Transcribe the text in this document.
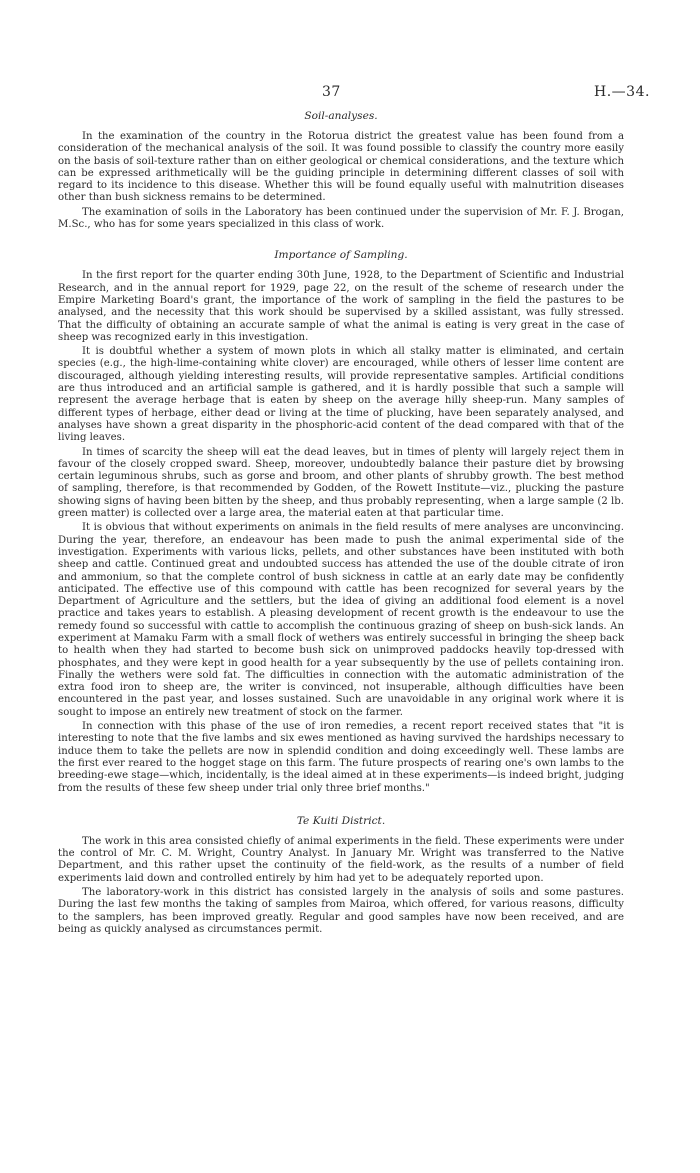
37	H.—34.
Soil-analyses.

In the examination of the country in the Rotorua district the greatest value has been found from a consideration of the mechanical analysis of the soil. It was found possible to classify the country more easily on the basis of soil-texture rather than on either geological or chemical considerations, and the texture which can be expressed arithmetically will be the guiding principle in determining different classes of soil with regard to its incidence to this disease. Whether this will be found equally useful with malnutrition diseases other than bush sickness remains to be determined.

The examination of soils in the Laboratory has been continued under the supervision of Mr. F. J. Brogan, M.Sc., who has for some years specialized in this class of work.

Importance of Sampling.

In the first report for the quarter ending 30th June, 1928, to the Department of Scientific and Industrial Research, and in the annual report for 1929, page 22, on the result of the scheme of research under the Empire Marketing Board's grant, the importance of the work of sampling in the field the pastures to be analysed, and the necessity that this work should be supervised by a skilled assistant, was fully stressed. That the difficulty of obtaining an accurate sample of what the animal is eating is very great in the case of sheep was recognized early in this investigation.

It is doubtful whether a system of mown plots in which all stalky matter is eliminated, and certain species (e.g., the high-lime-containing white clover) are encouraged, while others of lesser lime content are discouraged, although yielding interesting results, will provide representative samples. Artificial conditions are thus introduced and an artificial sample is gathered, and it is hardly possible that such a sample will represent the average herbage that is eaten by sheep on the average hilly sheep-run. Many samples of different types of herbage, either dead or living at the time of plucking, have been separately analysed, and analyses have shown a great disparity in the phosphoric-acid content of the dead compared with that of the living leaves.

In times of scarcity the sheep will eat the dead leaves, but in times of plenty will largely reject them in favour of the closely cropped sward. Sheep, moreover, undoubtedly balance their pasture diet by browsing certain leguminous shrubs, such as gorse and broom, and other plants of shrubby growth. The best method of sampling, therefore, is that recommended by Godden, of the Rowett Institute—viz., plucking the pasture showing signs of having been bitten by the sheep, and thus probably representing, when a large sample (2 lb. green matter) is collected over a large area, the material eaten at that particular time.

It is obvious that without experiments on animals in the field results of mere analyses are unconvincing. During the year, therefore, an endeavour has been made to push the animal experimental side of the investigation. Experiments with various licks, pellets, and other substances have been instituted with both sheep and cattle. Continued great and undoubted success has attended the use of the double citrate of iron and ammonium, so that the complete control of bush sickness in cattle at an early date may be confidently anticipated. The effective use of this compound with cattle has been recognized for several years by the Department of Agriculture and the settlers, but the idea of giving an additional food element is a novel practice and takes years to establish. A pleasing development of recent growth is the endeavour to use the remedy found so successful with cattle to accomplish the continuous grazing of sheep on bush-sick lands. An experiment at Mamaku Farm with a small flock of wethers was entirely successful in bringing the sheep back to health when they had started to become bush sick on unimproved paddocks heavily top-dressed with phosphates, and they were kept in good health for a year subsequently by the use of pellets containing iron. Finally the wethers were sold fat. The difficulties in connection with the automatic administration of the extra food iron to sheep are, the writer is convinced, not insuperable, although difficulties have been encountered in the past year, and losses sustained. Such are unavoidable in any original work where it is sought to impose an entirely new treatment of stock on the farmer.

In connection with this phase of the use of iron remedies, a recent report received states that "it is interesting to note that the five lambs and six ewes mentioned as having survived the hardships necessary to induce them to take the pellets are now in splendid condition and doing exceedingly well. These lambs are the first ever reared to the hogget stage on this farm. The future prospects of rearing one's own lambs to the breeding-ewe stage—which, incidentally, is the ideal aimed at in these experiments—is indeed bright, judging from the results of these few sheep under trial only three brief months."

Te Kuiti District.

The work in this area consisted chiefly of animal experiments in the field. These experiments were under the control of Mr. C. M. Wright, Country Analyst. In January Mr. Wright was transferred to the Native Department, and this rather upset the continuity of the field-work, as the results of a number of field experiments laid down and controlled entirely by him had yet to be adequately reported upon.

The laboratory-work in this district has consisted largely in the analysis of soils and some pastures. During the last few months the taking of samples from Mairoa, which offered, for various reasons, difficulty to the samplers, has been improved greatly. Regular and good samples have now been received, and are being as quickly analysed as circumstances permit.
